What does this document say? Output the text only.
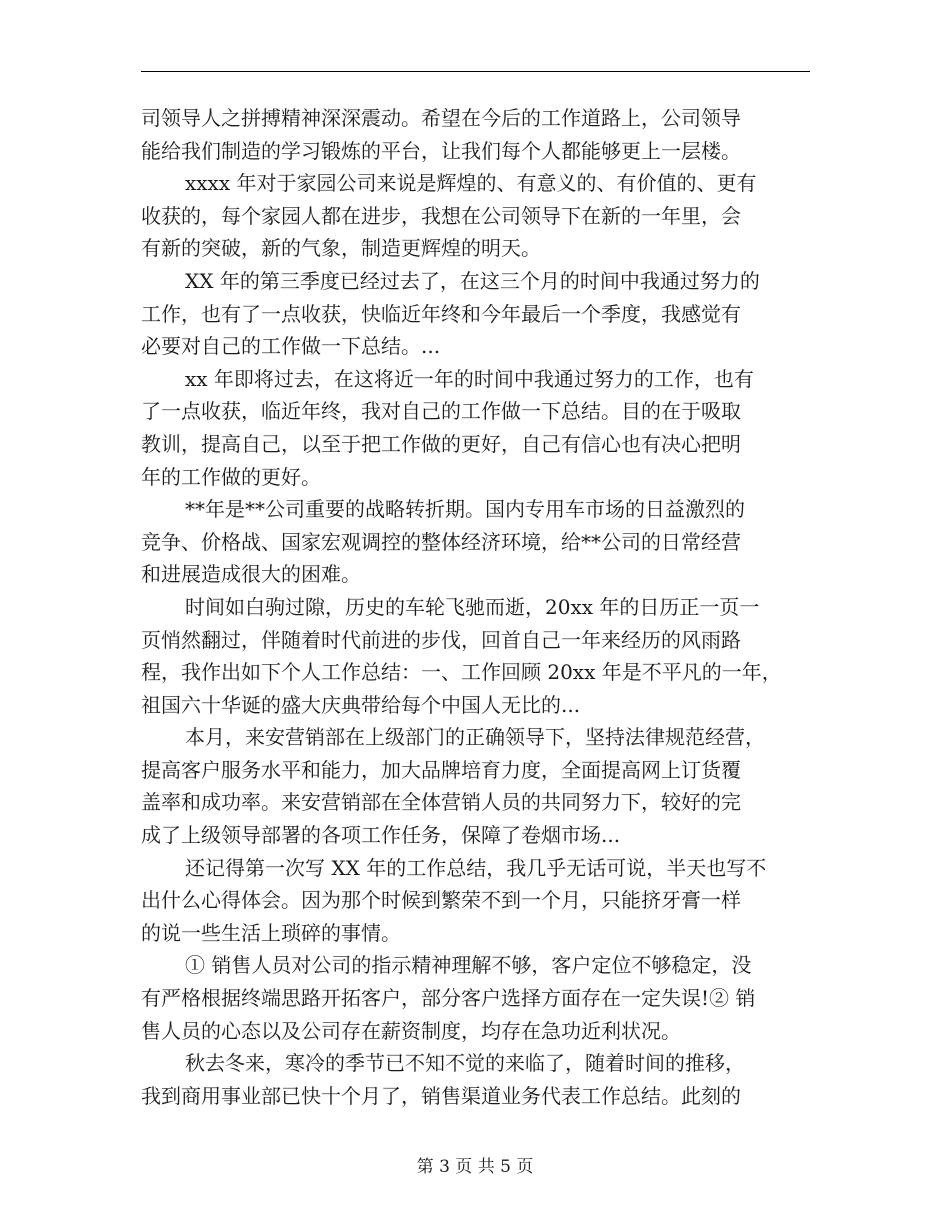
司领导人之拼搏精神深深震动。希望在今后的工作道路上，公司领导
能给我们制造的学习锻炼的平台，让我们每个人都能够更上一层楼。
xxxx 年对于家园公司来说是辉煌的、有意义的、有价值的、更有
收获的，每个家园人都在进步，我想在公司领导下在新的一年里，会
有新的突破，新的气象，制造更辉煌的明天。
XX 年的第三季度已经过去了，在这三个月的时间中我通过努力的
工作，也有了一点收获，快临近年终和今年最后一个季度，我感觉有
必要对自己的工作做一下总结。...
xx 年即将过去，在这将近一年的时间中我通过努力的工作，也有
了一点收获，临近年终，我对自己的工作做一下总结。目的在于吸取
教训，提高自己，以至于把工作做的更好，自己有信心也有决心把明
年的工作做的更好。
**年是**公司重要的战略转折期。国内专用车市场的日益激烈的
竞争、价格战、国家宏观调控的整体经济环境，给**公司的日常经营
和进展造成很大的困难。
时间如白驹过隙，历史的车轮飞驰而逝，20xx 年的日历正一页一
页悄然翻过，伴随着时代前进的步伐，回首自己一年来经历的风雨路
程，我作出如下个人工作总结：一、工作回顾 20xx 年是不平凡的一年，
祖国六十华诞的盛大庆典带给每个中国人无比的...
本月，来安营销部在上级部门的正确领导下，坚持法律规范经营，
提高客户服务水平和能力，加大品牌培育力度，全面提高网上订货覆
盖率和成功率。来安营销部在全体营销人员的共同努力下，较好的完
成了上级领导部署的各项工作任务，保障了卷烟市场...
还记得第一次写 XX 年的工作总结，我几乎无话可说，半天也写不
出什么心得体会。因为那个时候到繁荣不到一个月，只能挤牙膏一样
的说一些生活上琐碎的事情。
① 销售人员对公司的指示精神理解不够，客户定位不够稳定，没
有严格根据终端思路开拓客户，部分客户选择方面存在一定失误!② 销
售人员的心态以及公司存在薪资制度，均存在急功近利状况。
秋去冬来，寒冷的季节已不知不觉的来临了，随着时间的推移，
我到商用事业部已快十个月了，销售渠道业务代表工作总结。此刻的
第 3 页 共 5 页
